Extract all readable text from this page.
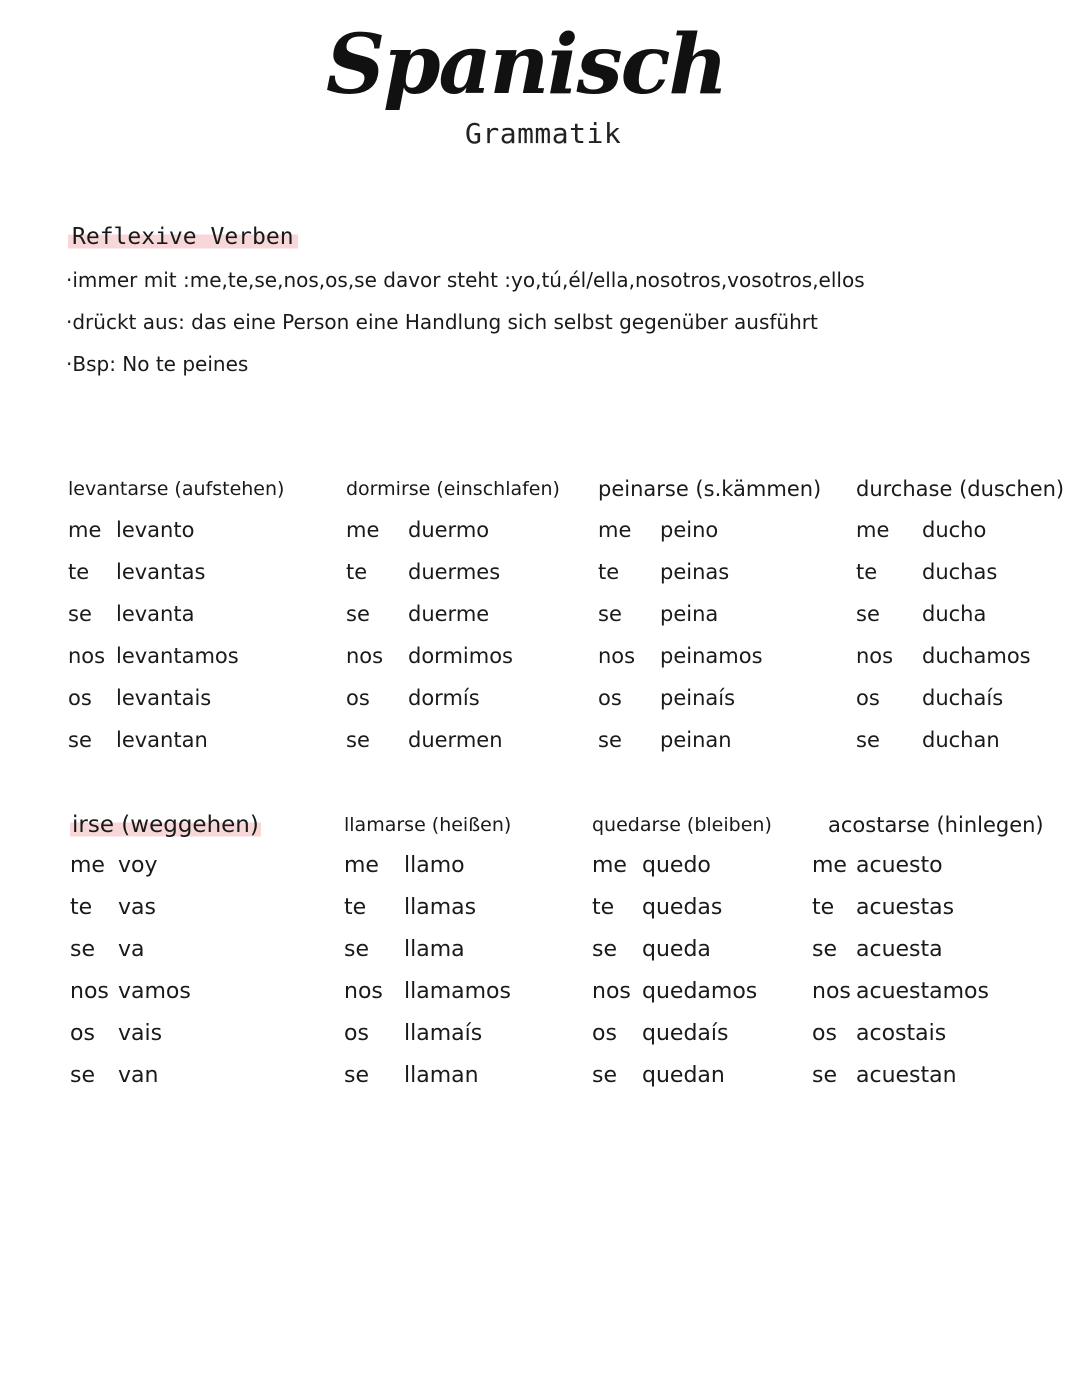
Spanisch
Grammatik
Reflexive Verben
·immer mit :me,te,se,nos,os,se davor steht :yo,tú,él/ella,nosotros,vosotros,ellos
·drückt aus: das eine Person eine Handlung sich selbst gegenüber ausführt
·Bsp: No te peines
levantarse (aufstehen)
me levanto
te	levantas
se	levanta
nos levantamos
os	levantais
se	levantan
dormirse (einschlafen)
me	duermo
te	duermes
se	duerme
nos	dormimos
os	dormís
se	duermen
peinarse (s.kämmen)
me	peino
te	peinas
se	peina
nos	peinamos
os	peinaís
se	peinan
durchase (duschen)
me	ducho
te	duchas
se	ducha
nos	duchamos
os	duchaís
se	duchan
irse (weggehen)
me voy
te	vas
se	va
nos vamos
os	vais
se	van
llamarse (heißen)
me	llamo
te	llamas
se	llama
nos llamamos
os	llamaís
se	llaman
quedarse (bleiben)
me quedo
te	quedas
se	queda
nos quedamos
os	quedaís
se	quedan
acostarse (hinlegen)
me acuesto
te acuestas
se acuesta
nos acuestamos
os acostais
se acuestan
